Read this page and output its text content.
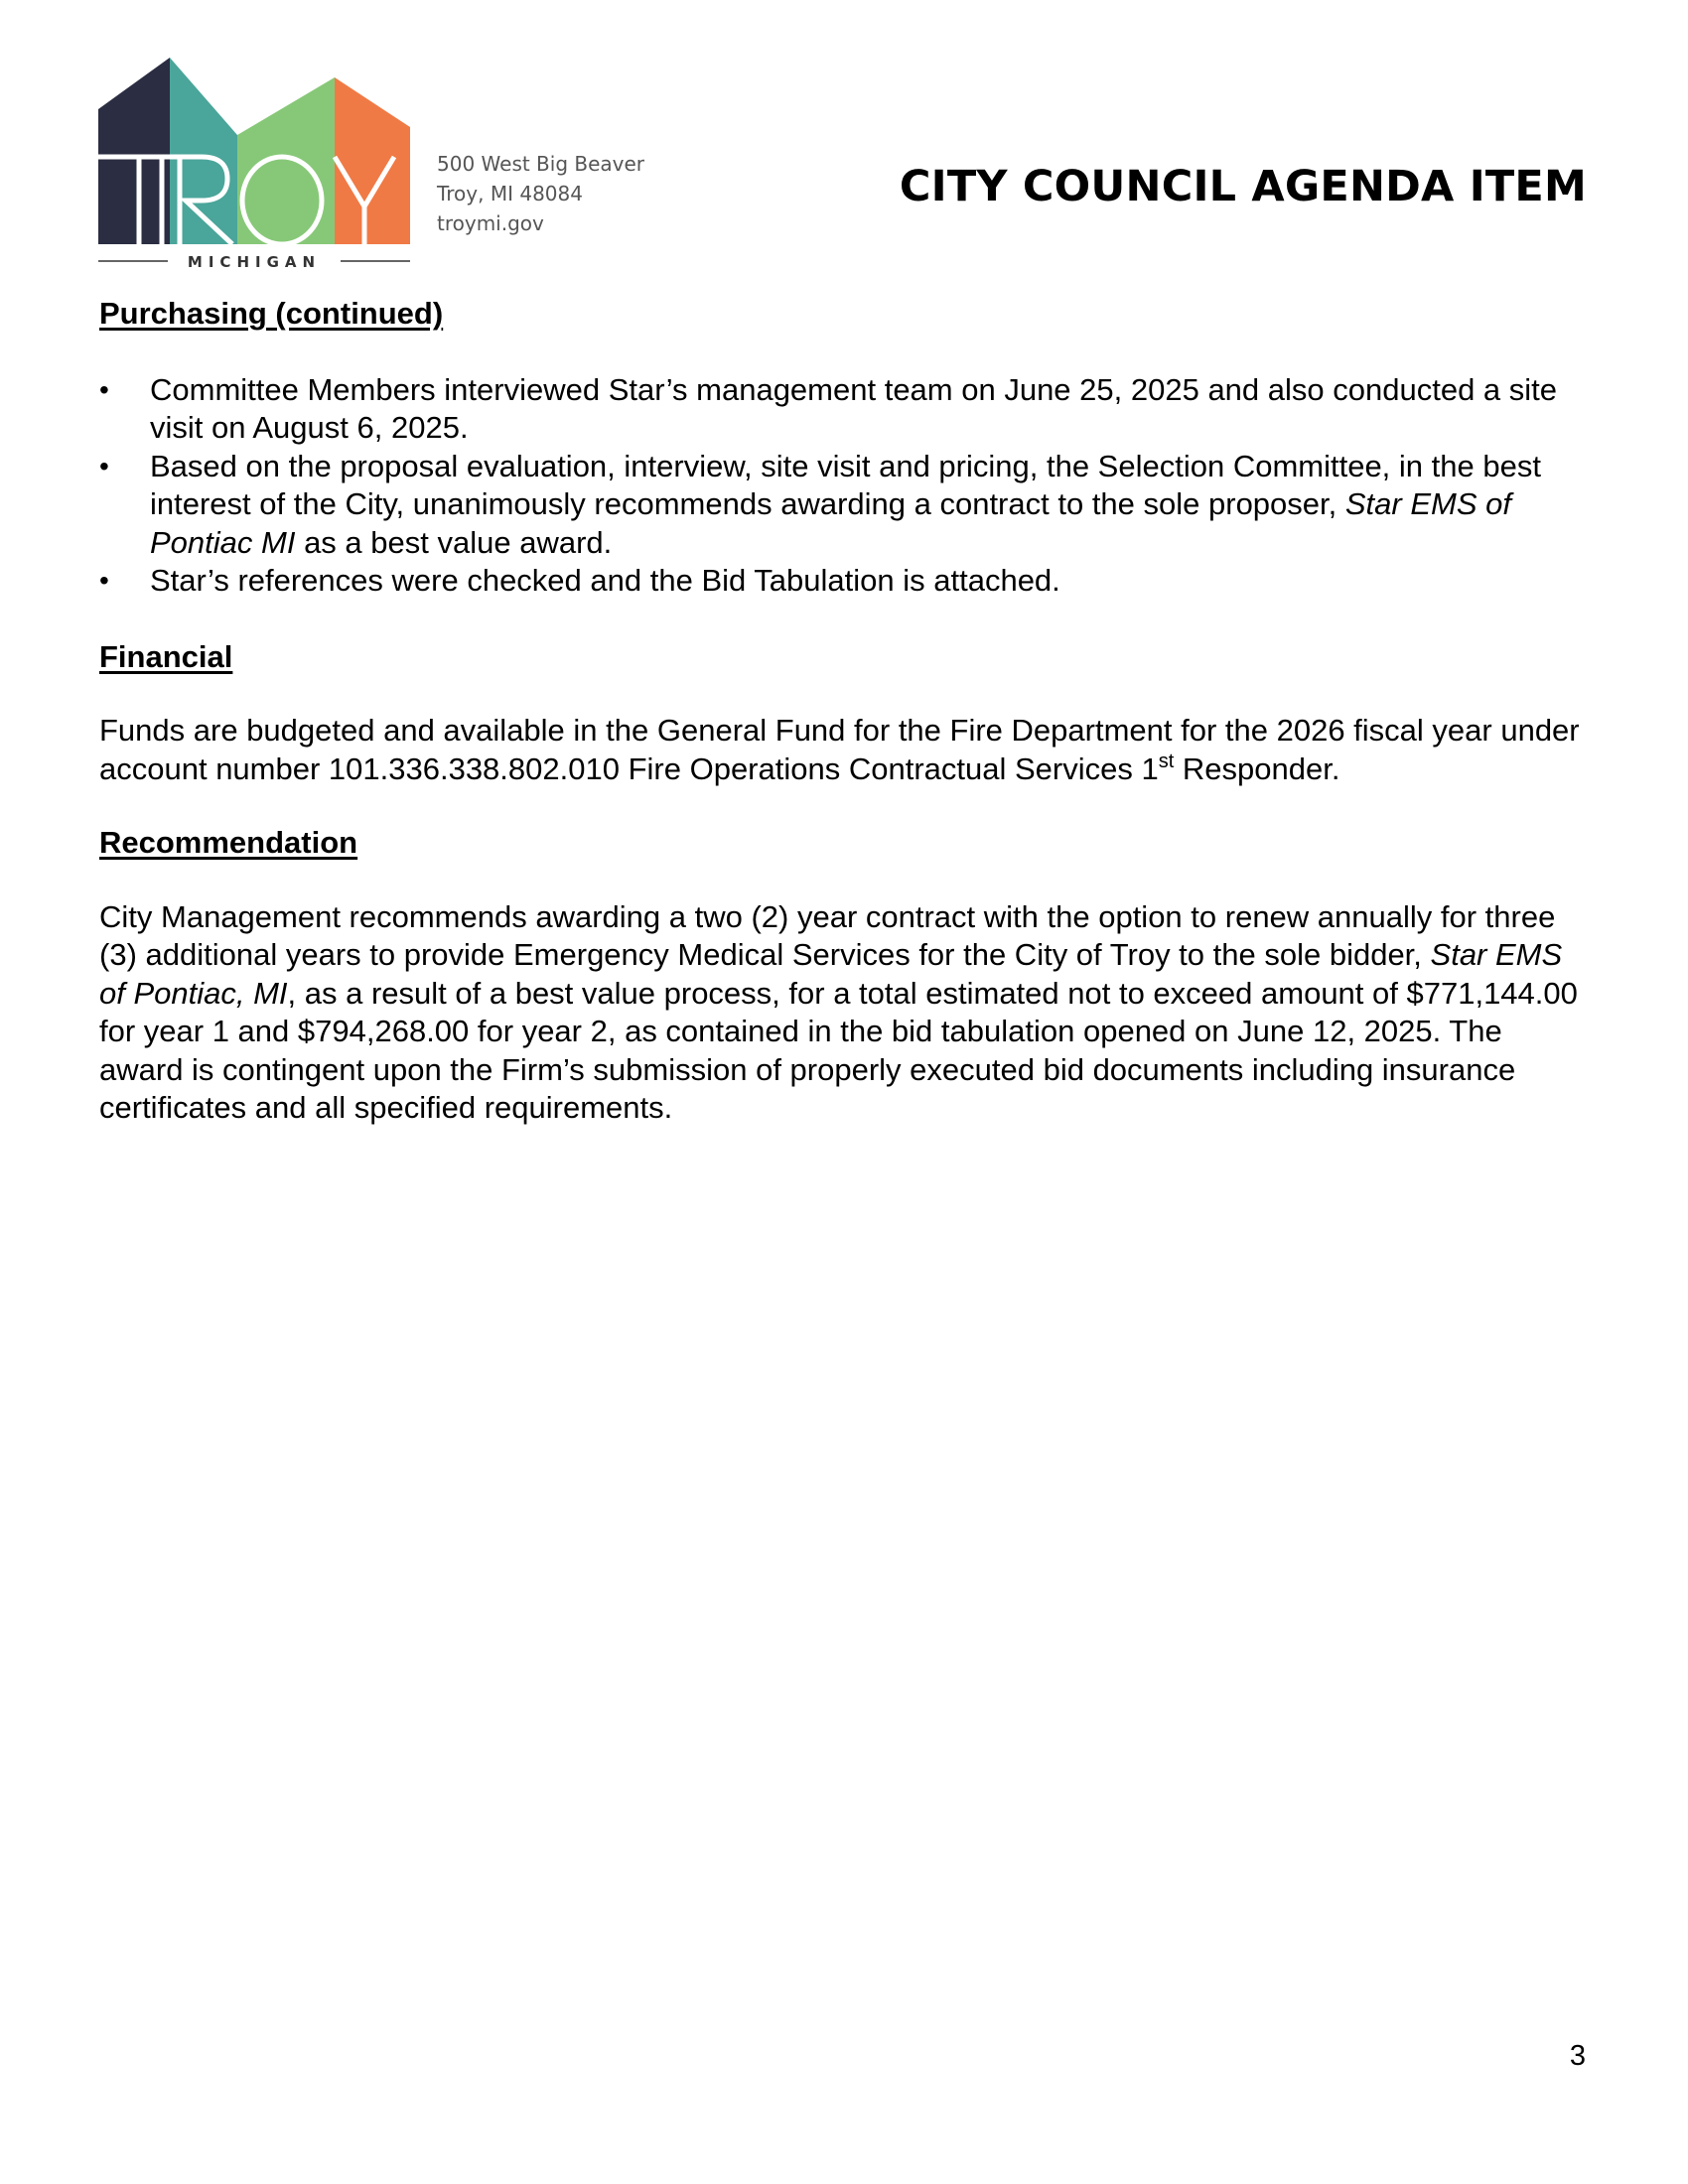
MICHIGAN
500 West Big Beaver
Troy, MI 48084
troymi.gov
CITY COUNCIL AGENDA ITEM

Purchasing (continued)

• Committee Members interviewed Star’s management team on June 25, 2025 and also conducted a site visit on August 6, 2025.
• Based on the proposal evaluation, interview, site visit and pricing, the Selection Committee, in the best interest of the City, unanimously recommends awarding a contract to the sole proposer, Star EMS of Pontiac MI as a best value award.
• Star’s references were checked and the Bid Tabulation is attached.

Financial

Funds are budgeted and available in the General Fund for the Fire Department for the 2026 fiscal year under account number 101.336.338.802.010 Fire Operations Contractual Services 1st Responder.

Recommendation

City Management recommends awarding a two (2) year contract with the option to renew annually for three (3) additional years to provide Emergency Medical Services for the City of Troy to the sole bidder, Star EMS of Pontiac, MI, as a result of a best value process, for a total estimated not to exceed amount of $771,144.00 for year 1 and $794,268.00 for year 2, as contained in the bid tabulation opened on June 12, 2025. The award is contingent upon the Firm’s submission of properly executed bid documents including insurance certificates and all specified requirements.

3
